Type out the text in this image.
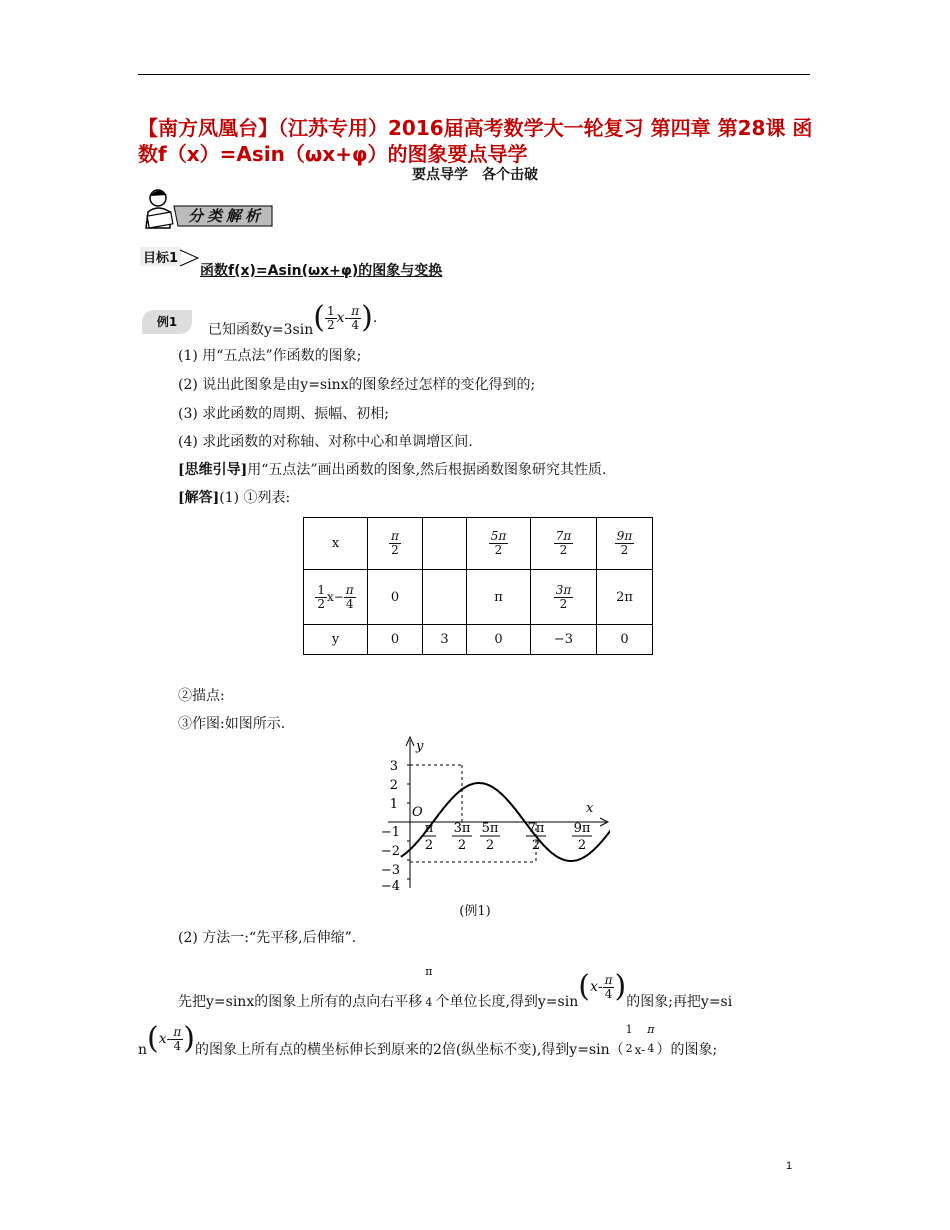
【南方凤凰台】（江苏专用）2016届高考数学大一轮复习 第四章 第28课 函数f（x）=Asin（ωx+φ）的图象要点导学
要点导学　各个击破
分类解析
目标1
函数f(x)=Asin(ωx+φ)的图象与变换
例1	已知函数$y=3\sin( \frac{1}{2} x- \frac{\pi}{4}$ ).
(1) 用“五点法”作函数的图象;
(2) 说出此图象是由y=sinx的图象经过怎样的变化得到的;
(3) 求此函数的周期、振幅、初相;
(4) 求此函数的对称轴、对称中心和单调增区间.
[思维引导]用“五点法”画出函数的图象,然后根据函数图象研究其性质.
[解答](1) ①列表:
x	$\frac{\pi}{2}$		$\frac{5\pi}{2}$	$\frac{7\pi}{2}$	$\frac{9\pi}{2}$

$\frac{1}{2} x- \frac{\pi}{4}$	0		π	$\frac{3\pi}{2}$	2π
y	0	3	0	−3	0
②描点:
③作图:如图所示.
y
x
O
3
2
1
−1
−2
−3
−4
π
2
3π
2
5π
2
7π
2
9π
2
(例1)
(2) 方法一:“先平移,后伸缩”.
先把y=sinx的图象上所有的点向右平移
π
4 个单位长度,得到$y=\sin(x- \frac{\pi}{4}$ )的图象;再把y=si
$n(x- \frac{\pi}{4}$ )的图象上所有点的横坐标伸长到原来的2倍(纵坐标不变),得到y=sin（
1
2 x-
π
4 ）的图象;
1
